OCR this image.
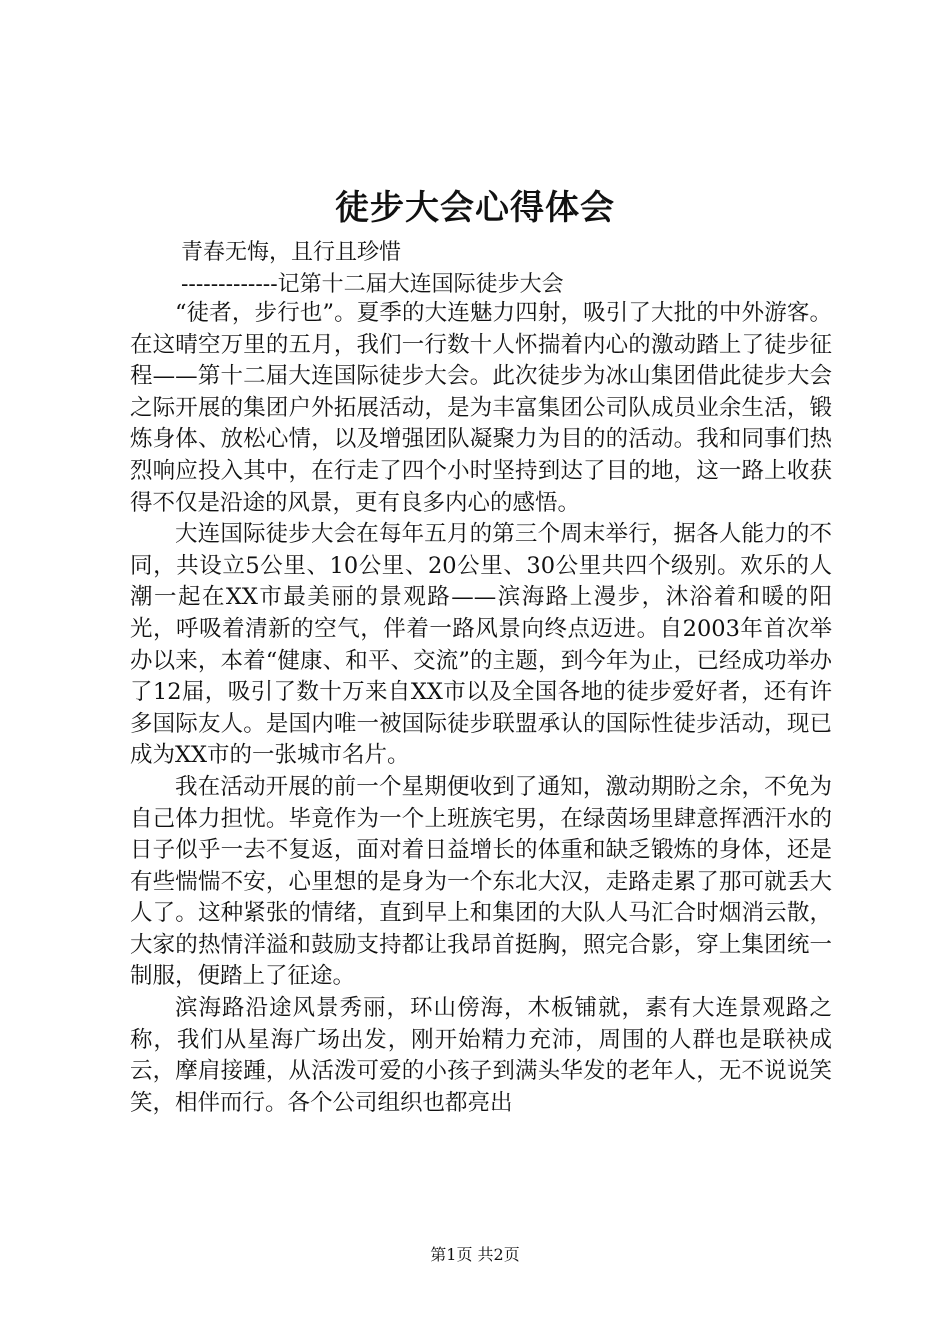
徒步大会心得体会

青春无悔，且行且珍惜

-------------记第十二届大连国际徒步大会

“徒者，步行也”。夏季的大连魅力四射，吸引了大批的中外游客。在这晴空万里的五月，我们一行数十人怀揣着内心的激动踏上了徒步征程——第十二届大连国际徒步大会。此次徒步为冰山集团借此徒步大会之际开展的集团户外拓展活动，是为丰富集团公司队成员业余生活，锻炼身体、放松心情，以及增强团队凝聚力为目的的活动。我和同事们热烈响应投入其中，在行走了四个小时坚持到达了目的地，这一路上收获得不仅是沿途的风景，更有良多内心的感悟。

大连国际徒步大会在每年五月的第三个周末举行，据各人能力的不同，共设立5公里、10公里、20公里、30公里共四个级别。欢乐的人潮一起在XX市最美丽的景观路——滨海路上漫步，沐浴着和暖的阳光，呼吸着清新的空气，伴着一路风景向终点迈进。自2003年首次举办以来，本着“健康、和平、交流”的主题，到今年为止，已经成功举办了12届，吸引了数十万来自XX市以及全国各地的徒步爱好者，还有许多国际友人。是国内唯一被国际徒步联盟承认的国际性徒步活动，现已成为XX市的一张城市名片。

我在活动开展的前一个星期便收到了通知，激动期盼之余，不免为自己体力担忧。毕竟作为一个上班族宅男，在绿茵场里肆意挥洒汗水的日子似乎一去不复返，面对着日益增长的体重和缺乏锻炼的身体，还是有些惴惴不安，心里想的是身为一个东北大汉，走路走累了那可就丢大人了。这种紧张的情绪，直到早上和集团的大队人马汇合时烟消云散，大家的热情洋溢和鼓励支持都让我昂首挺胸，照完合影，穿上集团统一制服，便踏上了征途。

滨海路沿途风景秀丽，环山傍海，木板铺就，素有大连景观路之称，我们从星海广场出发，刚开始精力充沛，周围的人群也是联袂成云，摩肩接踵，从活泼可爱的小孩子到满头华发的老年人，无不说说笑笑，相伴而行。各个公司组织也都亮出

第1页 共2页
